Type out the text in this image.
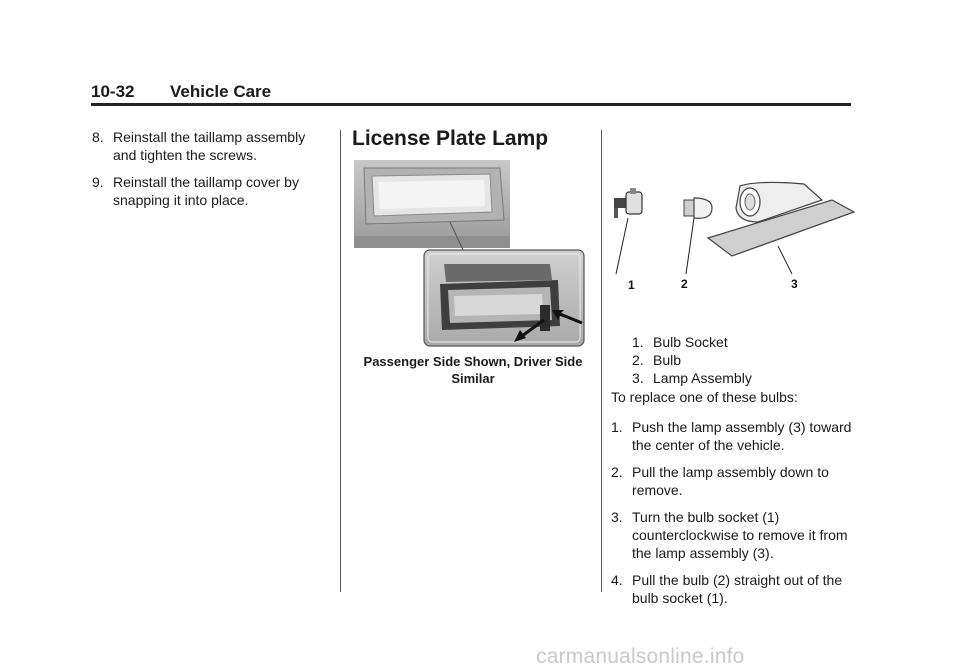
10-32 Vehicle Care
8. Reinstall the taillamp assembly and tighten the screws.
9. Reinstall the taillamp cover by snapping it into place.
License Plate Lamp
Passenger Side Shown, Driver Side Similar
1	2	3
1. Bulb Socket
2. Bulb
3. Lamp Assembly
To replace one of these bulbs:
1. Push the lamp assembly (3) toward the center of the vehicle.
2. Pull the lamp assembly down to remove.
3. Turn the bulb socket (1) counterclockwise to remove it from the lamp assembly (3).
4. Pull the bulb (2) straight out of the bulb socket (1).
carmanualsonline.info
